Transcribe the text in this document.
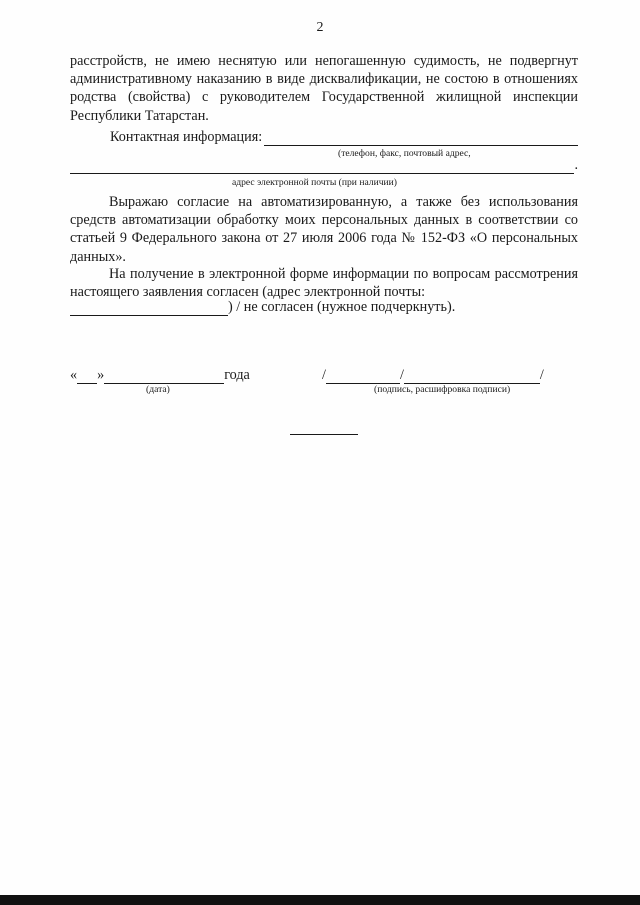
2
расстройств, не имею неснятую или непогашенную судимость, не подвергнут административному наказанию в виде дисквалификации, не состою в отношениях родства (свойства) с руководителем Государственной жилищной инспекции Республики Татарстан.
Контактная информация:
(телефон, факс, почтовый адрес,
.
адрес электронной почты (при наличии)
Выражаю согласие на автоматизированную, а также без использования средств автоматизации обработку моих персональных данных в соответствии со статьей 9 Федерального закона от 27 июля 2006 года № 152-ФЗ «О персональных данных».
На получение в электронной форме информации по вопросам рассмотрения настоящего заявления согласен (адрес электронной почты:
) / не согласен (нужное подчеркнуть).
« »	года	/	/	/
(дата)	(подпись, расшифровка подписи)
